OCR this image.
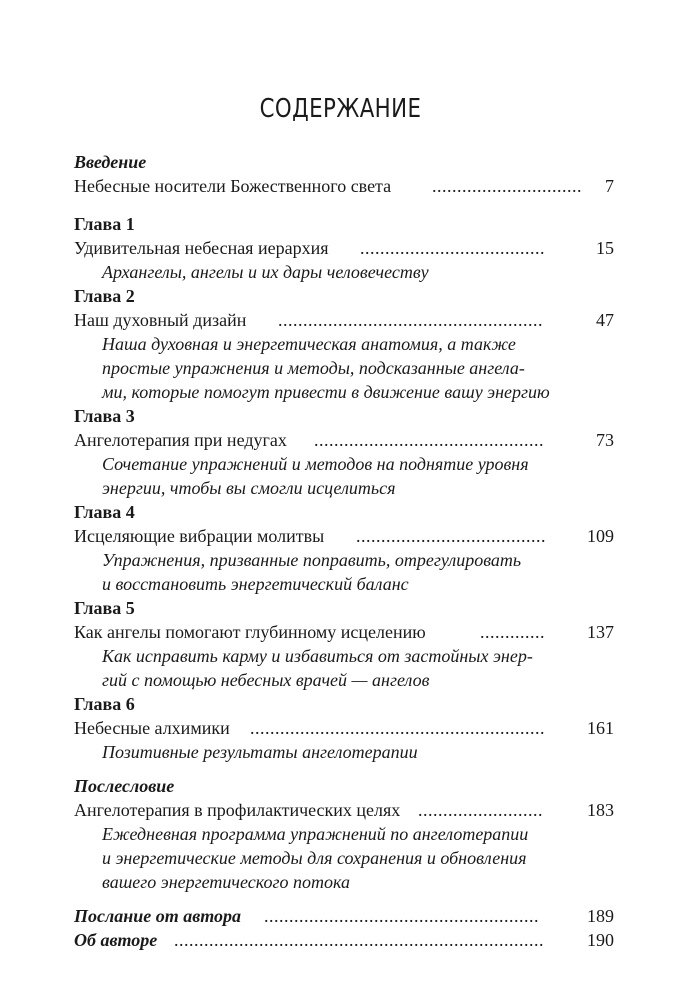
СОДЕРЖАНИЕ
Введение
Небесные носители Божественного света .............................. 7
Глава 1
Удивительная небесная иерархия .....................................	15
Архангелы, ангелы и их дары человечеству
Глава 2
Наш духовный дизайн .....................................................	47
Наша духовная и энергетическая анатомия, а также
простые упражнения и методы, подсказанные ангела-
ми, которые помогут привести в движение вашу энергию
Глава 3
Ангелотерапия при недугах ..............................................	73
Сочетание упражнений и методов на поднятие уровня
энергии, чтобы вы смогли исцелиться
Глава 4
Исцеляющие вибрации молитвы ...................................... 109
Упражнения, призванные поправить, отрегулировать
и восстановить энергетический баланс
Глава 5
Как ангелы помогают глубинному исцелению	............. 137
Как исправить карму и избавиться от застойных энер-
гий с помощью небесных врачей — ангелов
Глава 6
Небесные алхимики ........................................................... 161
Позитивные результаты ангелотерапии
Послесловие
Ангелотерапия в профилактических целях ......................... 183
Ежедневная программа упражнений по ангелотерапии
и энергетические методы для сохранения и обновления
вашего энергетического потока
Послание от автора .......................................................	189
Об авторе .......................................................................... 190
